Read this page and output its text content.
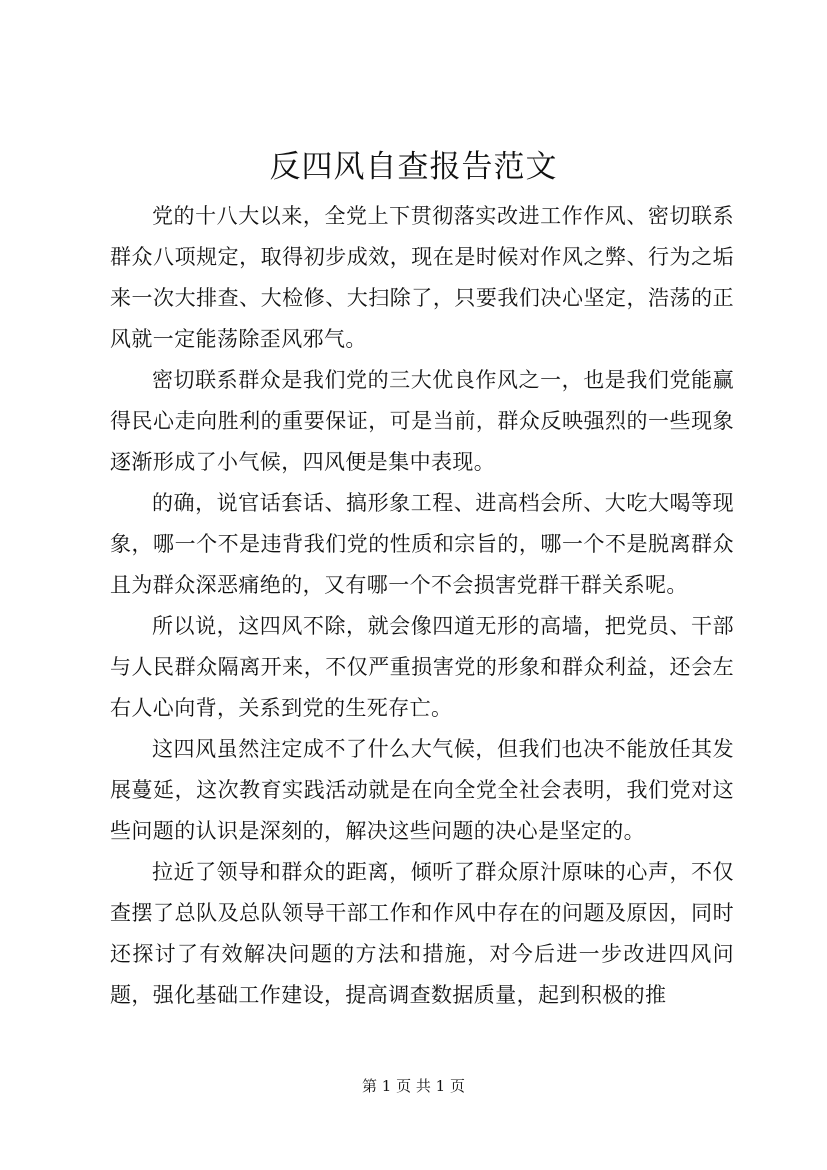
反四风自查报告范文

党的十八大以来，全党上下贯彻落实改进工作作风、密切联系群众八项规定，取得初步成效，现在是时候对作风之弊、行为之垢来一次大排查、大检修、大扫除了，只要我们决心坚定，浩荡的正风就一定能荡除歪风邪气。

密切联系群众是我们党的三大优良作风之一，也是我们党能赢得民心走向胜利的重要保证，可是当前，群众反映强烈的一些现象逐渐形成了小气候，四风便是集中表现。

的确，说官话套话、搞形象工程、进高档会所、大吃大喝等现象，哪一个不是违背我们党的性质和宗旨的，哪一个不是脱离群众且为群众深恶痛绝的，又有哪一个不会损害党群干群关系呢。

所以说，这四风不除，就会像四道无形的高墙，把党员、干部与人民群众隔离开来，不仅严重损害党的形象和群众利益，还会左右人心向背，关系到党的生死存亡。

这四风虽然注定成不了什么大气候，但我们也决不能放任其发展蔓延，这次教育实践活动就是在向全党全社会表明，我们党对这些问题的认识是深刻的，解决这些问题的决心是坚定的。

拉近了领导和群众的距离，倾听了群众原汁原味的心声，不仅查摆了总队及总队领导干部工作和作风中存在的问题及原因，同时还探讨了有效解决问题的方法和措施，对今后进一步改进四风问题，强化基础工作建设，提高调查数据质量，起到积极的推

第 1 页 共 1 页
